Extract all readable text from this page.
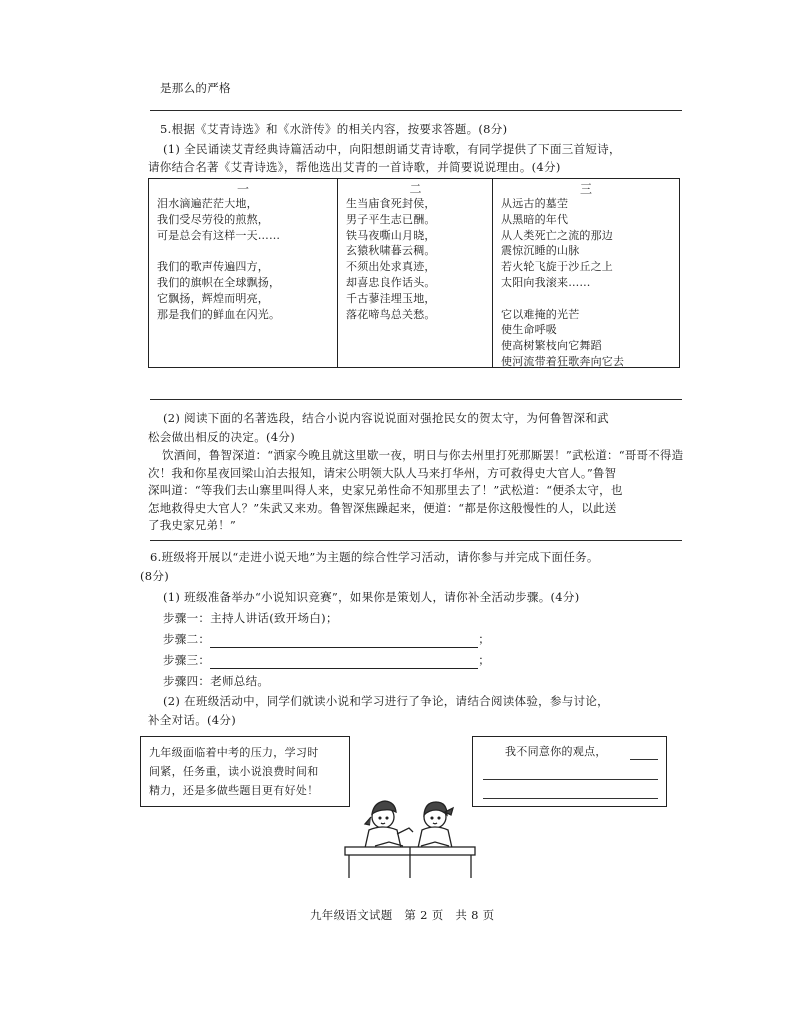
是那么的严格
5.根据《艾青诗选》和《水浒传》的相关内容，按要求答题。(8分)
(1) 全民诵读艾青经典诗篇活动中，向阳想朗诵艾青诗歌，有同学提供了下面三首短诗，
请你结合名著《艾青诗选》，帮他选出艾青的一首诗歌，并简要说说理由。(4分)
一
泪水滴遍茫茫大地，
我们受尽劳役的煎熬，
可是总会有这样一天……
我们的歌声传遍四方，
我们的旗帜在全球飘扬，
它飘扬，辉煌而明亮，
那是我们的鲜血在闪光。
二
生当庙食死封侯，
男子平生志已酬。
铁马夜嘶山月晓，
玄猿秋啸暮云稠。
不须出处求真迹，
却喜忠良作话头。
千古蓼洼埋玉地，
落花啼鸟总关愁。
三
从远古的墓茔
从黑暗的年代
从人类死亡之流的那边
震惊沉睡的山脉
若火轮飞旋于沙丘之上
太阳向我滚来……
它以难掩的光芒
使生命呼吸
使高树繁枝向它舞蹈
使河流带着狂歌奔向它去
(2) 阅读下面的名著选段，结合小说内容说说面对强抢民女的贺太守，为何鲁智深和武
松会做出相反的决定。(4分)
饮酒间，鲁智深道：“洒家今晚且就这里歇一夜，明日与你去州里打死那厮罢！”武松道：“哥哥不得造
次！我和你星夜回梁山泊去报知，请宋公明领大队人马来打华州，方可救得史大官人。”鲁智
深叫道：“等我们去山寨里叫得人来，史家兄弟性命不知那里去了！”武松道：“便杀太守，也
怎地救得史大官人？”朱武又来劝。鲁智深焦躁起来，便道：“都是你这般慢性的人，以此送
了我史家兄弟！”
6.班级将开展以“走进小说天地”为主题的综合性学习活动，请你参与并完成下面任务。
(8分)
(1) 班级准备举办“小说知识竞赛”，如果你是策划人，请你补全活动步骤。(4分)
步骤一：主持人讲话(致开场白)；
步骤二：	；
步骤三：	；
步骤四：老师总结。
(2) 在班级活动中，同学们就读小说和学习进行了争论，请结合阅读体验，参与讨论，
补全对话。(4分)
九年级面临着中考的压力，学习时
间紧，任务重，读小说浪费时间和
精力，还是多做些题目更有好处！
我不同意你的观点，
九年级语文试题　第 2 页　共 8 页
